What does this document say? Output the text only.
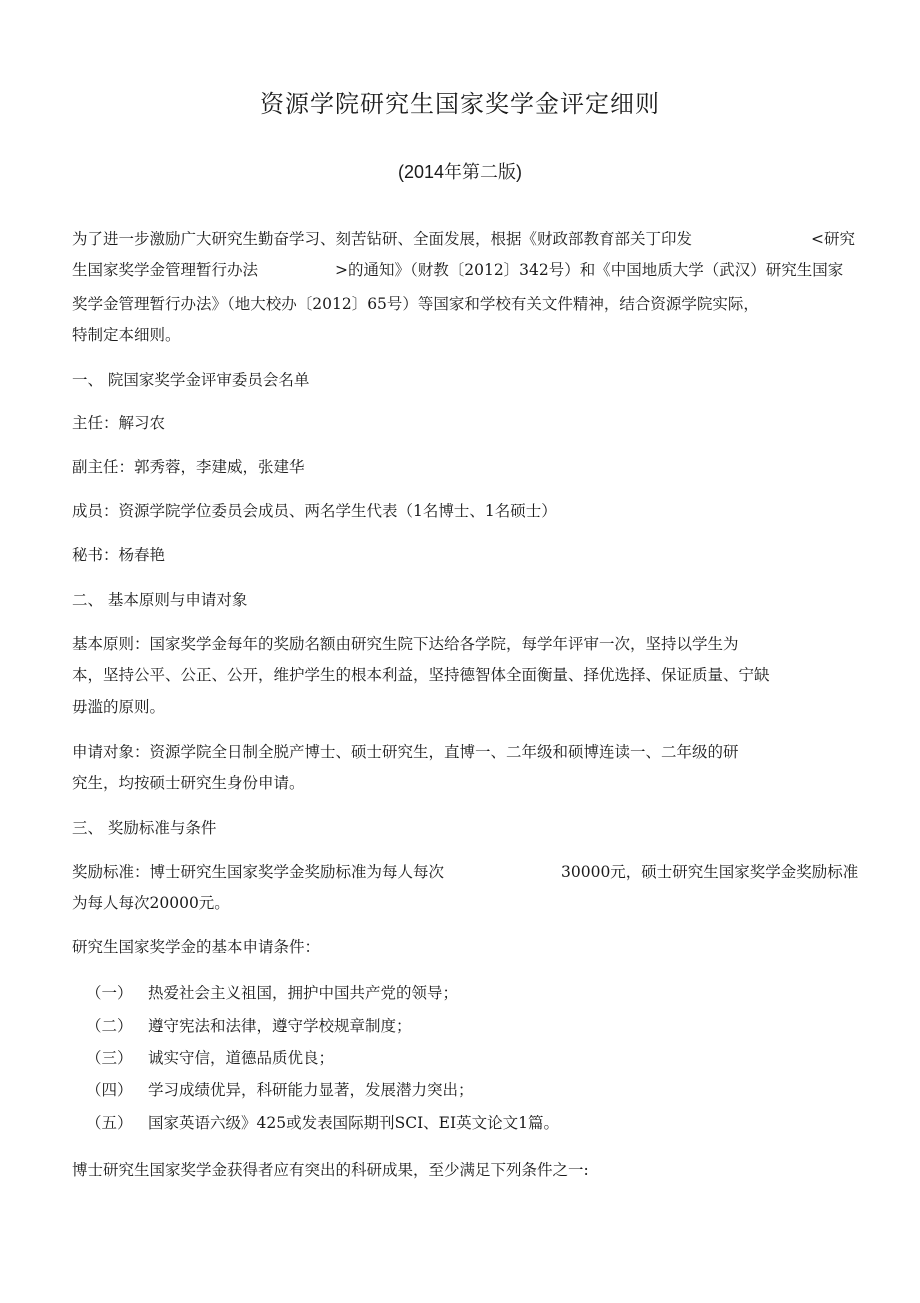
资源学院研究生国家奖学金评定细则
(2014年第二版)
为了进一步激励广大研究生勤奋学习、刻苦钻研、全面发展，根据《财政部教育部关丁印发	<研究
生国家奖学金管理暂行办法	>的通知》（财教〔2012〕342号）和《中国地质大学（武汉）研究生国家
奖学金管理暂行办法》（地大校办〔2012〕65号）等国家和学校有关文件精神，结合资源学院实际，
特制定本细则。
一、 院国家奖学金评审委员会名单
主任：解习农
副主任：郭秀蓉，李建威，张建华
成员：资源学院学位委员会成员、两名学生代表（1名博士、1名硕士）
秘书：杨春艳
二、 基本原则与申请对象
基本原则：国家奖学金每年的奖励名额由研究生院下达给各学院，每学年评审一次，坚持以学生为
本，坚持公平、公正、公开，维护学生的根本利益，坚持德智体全面衡量、择优选择、保证质量、宁缺
毋滥的原则。
申请对象：资源学院全日制全脱产博士、硕士研究生，直博一、二年级和硕博连读一、二年级的研
究生，均按硕士研究生身份申请。
三、 奖励标准与条件
奖励标准：博士研究生国家奖学金奖励标准为每人每次	30000元，硕士研究生国家奖学金奖励标准
为每人每次20000元。
研究生国家奖学金的基本申请条件：
（一） 热爱社会主义祖国，拥护中国共产党的领导；
（二） 遵守宪法和法律，遵守学校规章制度；
（三） 诚实守信，道德品质优良；
（四） 学习成绩优异，科研能力显著，发展潜力突出；
（五） 国家英语六级》425或发表国际期刊SCI、EI英文论文1篇。
博士研究生国家奖学金获得者应有突出的科研成果，至少满足下列条件之一:
